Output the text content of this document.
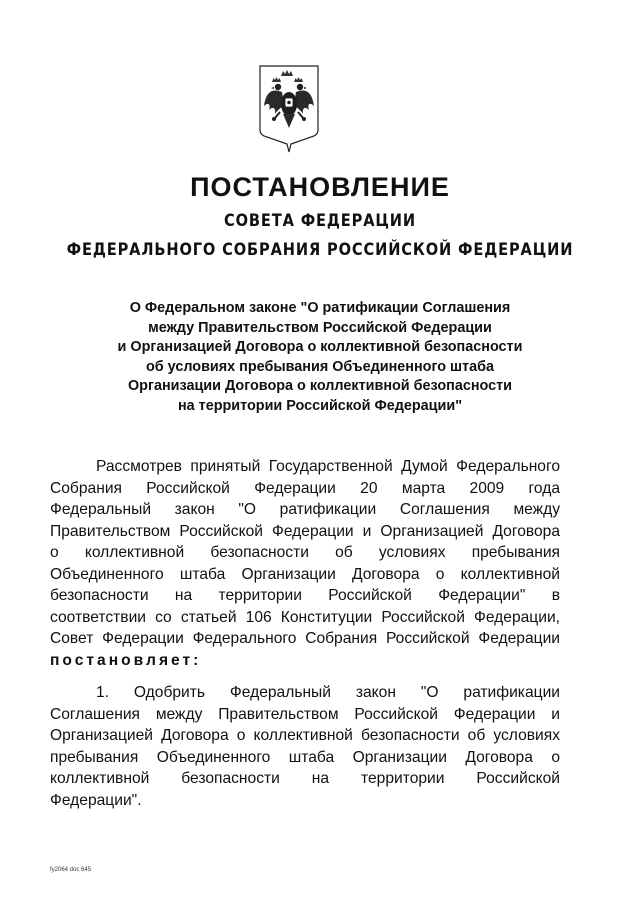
ПОСТАНОВЛЕНИЕ
СОВЕТА ФЕДЕРАЦИИ
ФЕДЕРАЛЬНОГО СОБРАНИЯ РОССИЙСКОЙ ФЕДЕРАЦИИ
О Федеральном законе "О ратификации Соглашения
между Правительством Российской Федерации
и Организацией Договора о коллективной безопасности
об условиях пребывания Объединенного штаба
Организации Договора о коллективной безопасности
на территории Российской Федерации"
Рассмотрев принятый Государственной Думой Федерального
Собрания Российской Федерации 20 марта 2009 года
Федеральный закон "О ратификации Соглашения между
Правительством Российской Федерации и Организацией Договора
о коллективной безопасности об условиях пребывания
Объединенного штаба Организации Договора о коллективной
безопасности на территории Российской Федерации" в
соответствии со статьей 106 Конституции Российской Федерации,
Совет Федерации Федерального Собрания Российской Федерации
постановляет:
1. Одобрить Федеральный закон "О ратификации
Соглашения между Правительством Российской Федерации и
Организацией Договора о коллективной безопасности об условиях
пребывания Объединенного штаба Организации Договора о
коллективной безопасности на территории Российской
Федерации".
fy2064 doc 645
